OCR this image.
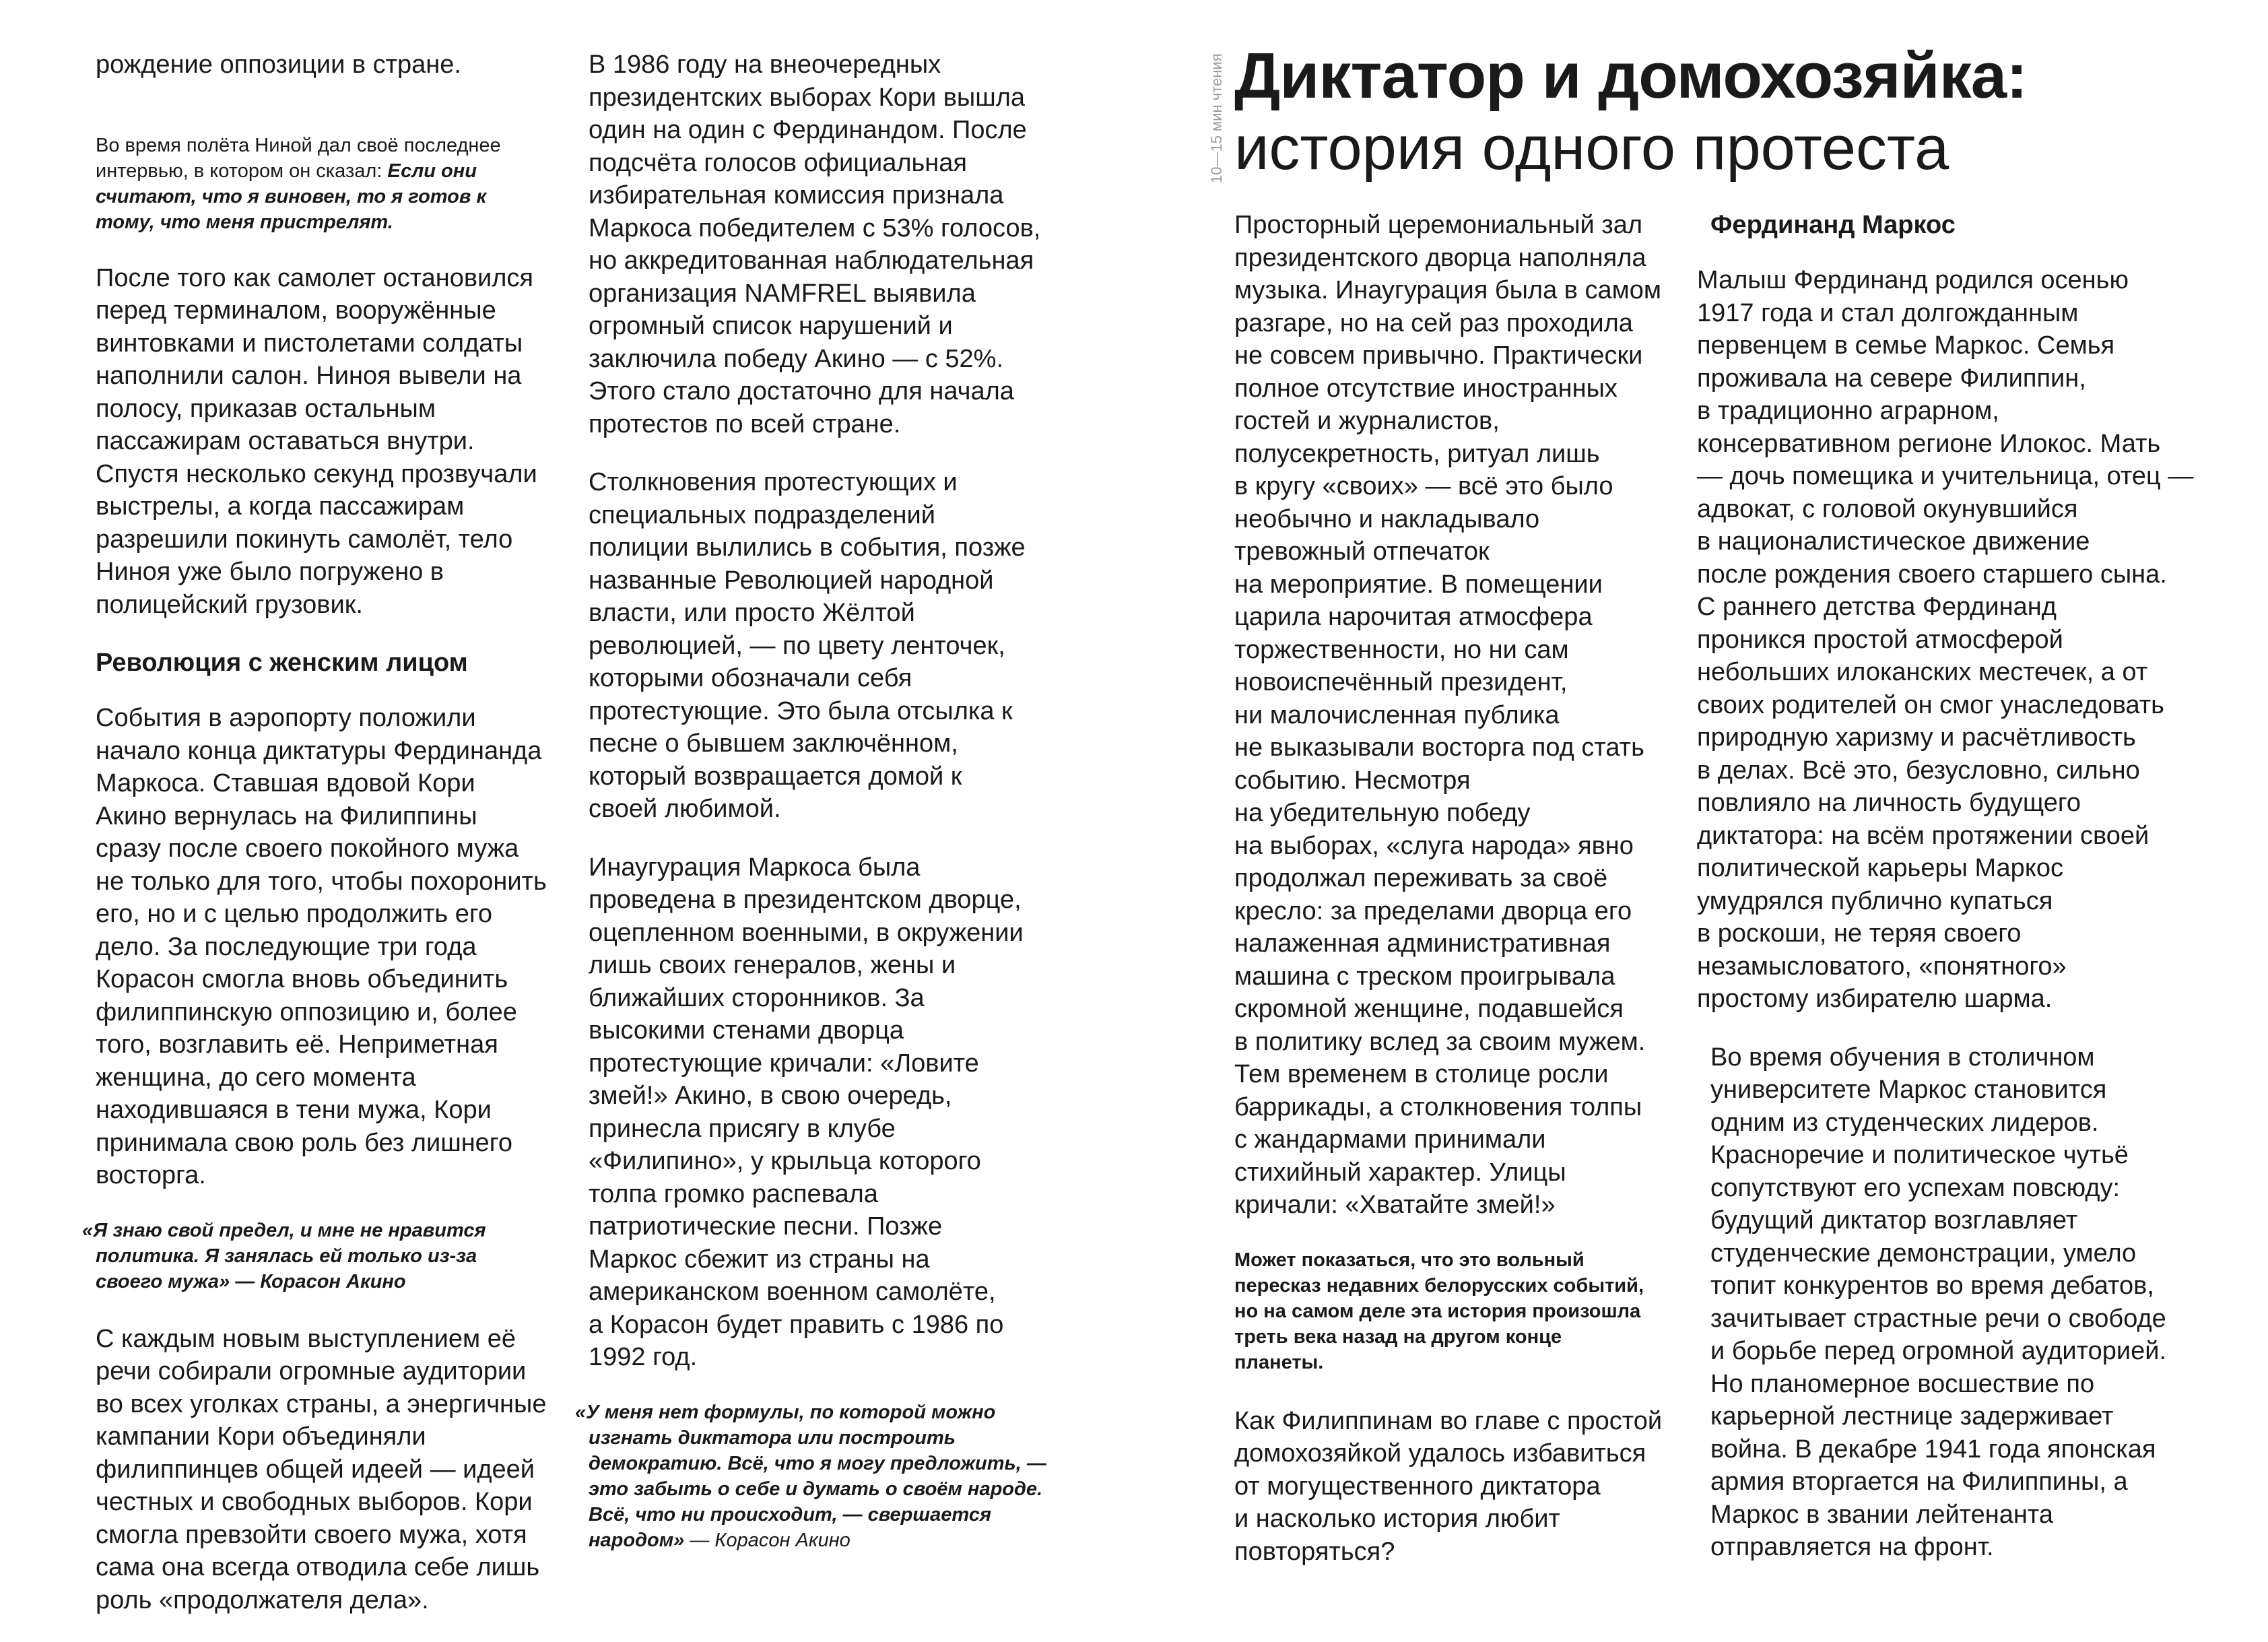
рождение оппозиции в стране.

Во время полёта Ниной дал своё последнее интервью, в котором он сказал: Если они считают, что я виновен, то я готов к тому, что меня пристрелят.

После того как самолет остановился
перед терминалом, вооружённые
винтовками и пистолетами солдаты
наполнили салон. Нинoя вывели на
полосу, приказав остальным
пассажирам оставаться внутри.
Спустя несколько секунд прозвучали
выстрелы, а когда пассажирам
разрешили покинуть самолёт, тело
Нинoя уже было погружено в
полицейский грузовик.

Революция с женским лицом

События в аэропорту положили
начало конца диктатуры Фердинанда
Маркоса. Ставшая вдовой Кори
Акино вернулась на Филиппины
сразу после своего покойного мужа
не только для того, чтобы похоронить
его, но и с целью продолжить его
дело. За последующие три года
Корасон смогла вновь объединить
филиппинскую оппозицию и, более
того, возглавить её. Неприметная
женщина, до сего момента
находившаяся в тени мужа, Кори
принимала свою роль без лишнего
восторга.

«Я знаю свой предел, и мне не нравится
политика. Я занялась ей только из-за
своего мужа» — Корасон Акино

С каждым новым выступлением её
речи собирали огромные аудитории
во всех уголках страны, а энергичные
кампании Кори объединяли
филиппинцев общей идеей — идеей
честных и свободных выборов. Кори
смогла превзойти своего мужа, хотя
сама она всегда отводила себе лишь
роль «продолжателя дела».

В 1986 году на внеочередных
президентских выборах Кори вышла
один на один с Фердинандом. После
подсчёта голосов официальная
избирательная комиссия признала
Маркоса победителем с 53% голосов,
но аккредитованная наблюдательная
организация NAMFREL выявила
огромный список нарушений и
заключила победу Акино — с 52%.
Этого стало достаточно для начала
протестов по всей стране.

Столкновения протестующих и
специальных подразделений
полиции вылились в события, позже
названные Революцией народной
власти, или просто Жёлтой
революцией, — по цвету ленточек,
которыми обозначали себя
протестующие. Это была отсылка к
песне о бывшем заключённом,
который возвращается домой к
своей любимой.

Инаугурация Маркоса была
проведена в президентском дворце,
оцепленном военными, в окружении
лишь своих генералов, жены и
ближайших сторонников. За
высокими стенами дворца
протестующие кричали: «Ловите
змей!» Акино, в свою очередь,
принесла присягу в клубе
«Филипино», у крыльца которого
толпа громко распевала
патриотические песни. Позже
Маркос сбежит из страны на
американском военном самолёте,
а Корасон будет править с 1986 по
1992 год.

«У меня нет формулы, по которой можно
изгнать диктатора или построить
демократию. Всё, что я могу предложить, —
это забыть о себе и думать о своём народе.
Всё, что ни происходит, — свершается
народом» — Корасон Акино

10—15 мин чтения Диктатор и домохозяйка:
история одного протеста

Просторный церемониальный зал
президентского дворца наполняла
музыка. Инаугурация была в самом
разгаре, но на сей раз проходила
не совсем привычно. Практически
полное отсутствие иностранных
гостей и журналистов,
полусекретность, ритуал лишь
в кругу «своих» — всё это было
необычно и накладывало
тревожный отпечаток
на мероприятие. В помещении
царила нарочитая атмосфера
торжественности, но ни сам
новоиспечённый президент,
ни малочисленная публика
не выказывали восторга под стать
событию. Несмотря
на убедительную победу
на выборах, «слуга народа» явно
продолжал переживать за своё
кресло: за пределами дворца его
налаженная административная
машина с треском проигрывала
скромной женщине, подавшейся
в политику вслед за своим мужем.
Тем временем в столице росли
баррикады, а столкновения толпы
с жандармами принимали
стихийный характер. Улицы
кричали: «Хватайте змей!»

Может показаться, что это вольный
пересказ недавних белорусских событий,
но на самом деле эта история произошла
треть века назад на другом конце
планеты.

Как Филиппинам во главе с простой
домохозяйкой удалось избавиться
от могущественного диктатора
и насколько история любит
повторяться?

Фердинанд Маркос

Малыш Фердинанд родился осенью
1917 года и стал долгожданным
первенцем в семье Маркос. Семья
проживала на севере Филиппин,
в традиционно аграрном,
консервативном регионе Илокос. Мать
— дочь помещика и учительница, отец —
адвокат, с головой окунувшийся
в националистическое движение
после рождения своего старшего сына.
С раннего детства Фердинанд
проникся простой атмосферой
небольших илоканских местечек, а от
своих родителей он смог унаследовать
природную харизму и расчётливость
в делах. Всё это, безусловно, сильно
повлияло на личность будущего
диктатора: на всём протяжении своей
политической карьеры Маркос
умудрялся публично купаться
в роскоши, не теряя своего
незамысловатого, «понятного»
простому избирателю шарма.

Во время обучения в столичном
университете Маркос становится
одним из студенческих лидеров.
Красноречие и политическое чутьё
сопутствуют его успехам повсюду:
будущий диктатор возглавляет
студенческие демонстрации, умело
топит конкурентов во время дебатов,
зачитывает страстные речи о свободе
и борьбе перед огромной аудиторией.
Но планомерное восшествие по
карьерной лестнице задерживает
война. В декабре 1941 года японская
армия вторгается на Филиппины, а
Маркос в звании лейтенанта
отправляется на фронт.
